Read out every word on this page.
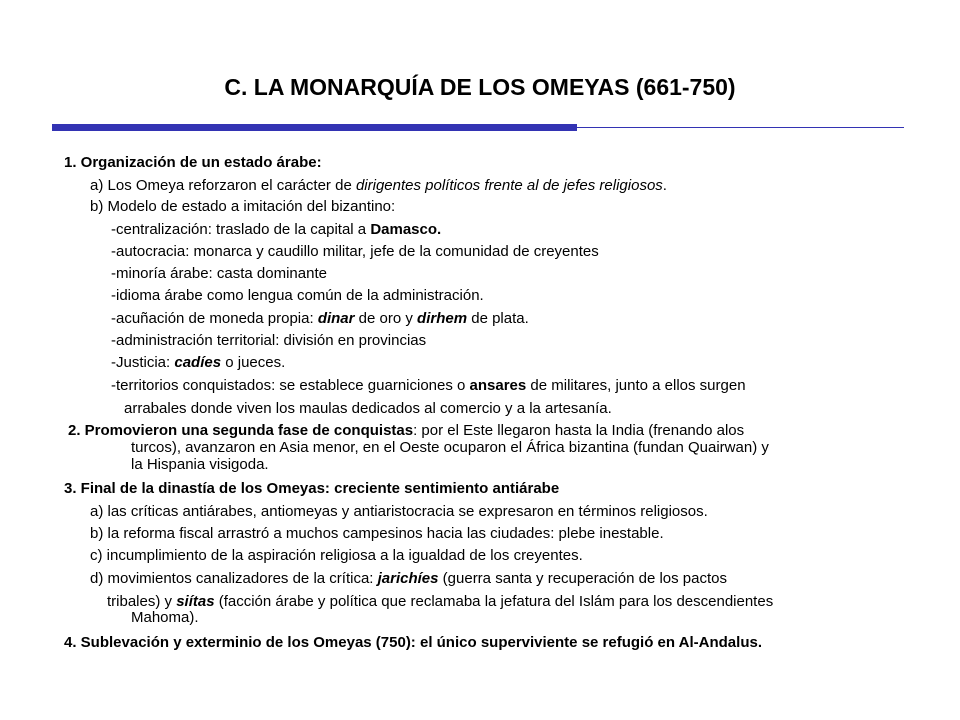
C. LA MONARQUÍA DE LOS OMEYAS (661-750)
1. Organización de un estado árabe:
a) Los Omeya reforzaron el carácter de dirigentes políticos frente al de jefes religiosos.
b) Modelo de estado a imitación del bizantino:
-centralización: traslado de la capital a Damasco.
-autocracia: monarca y caudillo militar, jefe de la comunidad de creyentes
-minoría árabe: casta dominante
-idioma árabe como lengua común de la administración.
-acuñación de moneda propia: dinar de oro y dirhem de plata.
-administración territorial: división en provincias
-Justicia: cadíes o jueces.
-territorios conquistados: se establece guarniciones o ansares de militares, junto a ellos surgen
arrabales donde viven los maulas dedicados al comercio y a la artesanía.
2. Promovieron una segunda fase de conquistas: por el Este llegaron hasta la India (frenando alos
turcos), avanzaron en Asia menor, en el Oeste ocuparon el África bizantina (fundan Quairwan) y
la Hispania visigoda.
3. Final de la dinastía de los Omeyas: creciente sentimiento antiárabe
a) las críticas antiárabes, antiomeyas y antiaristocracia se expresaron en términos religiosos.
b) la reforma fiscal arrastró a muchos campesinos hacia las ciudades: plebe inestable.
c) incumplimiento de la aspiración religiosa a la igualdad de los creyentes.
d) movimientos canalizadores de la crítica: jarichíes (guerra santa y recuperación de los pactos
tribales) y siítas (facción árabe y política que reclamaba la jefatura del Islám para los descendientes
Mahoma).
4. Sublevación y exterminio de los Omeyas (750): el único superviviente se refugió en Al-Andalus.
